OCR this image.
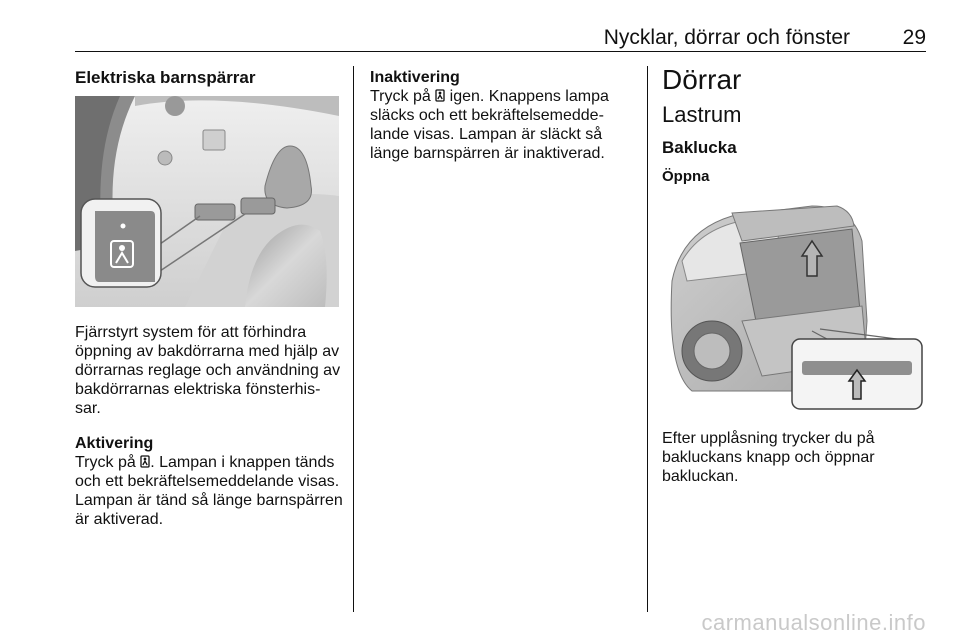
Nycklar, dörrar och fönster	29
Elektriska barnspärrar
Fjärrstyrt system för att förhindra
öppning av bakdörrarna med hjälp av
dörrarnas reglage och användning av
bakdörrarnas elektriska fönsterhis-
sar.
Aktivering
Tryck på . Lampan i knappen tänds
och ett bekräftelsemeddelande visas.
Lampan är tänd så länge barnspärren
är aktiverad.
Inaktivering
Tryck på igen. Knappens lampa
släcks och ett bekräftelsemedde-
lande visas. Lampan är släckt så
länge barnspärren är inaktiverad.
Dörrar
Lastrum
Baklucka
Öppna
Efter upplåsning trycker du på
bakluckans knapp och öppnar
bakluckan.
carmanualsonline.info
